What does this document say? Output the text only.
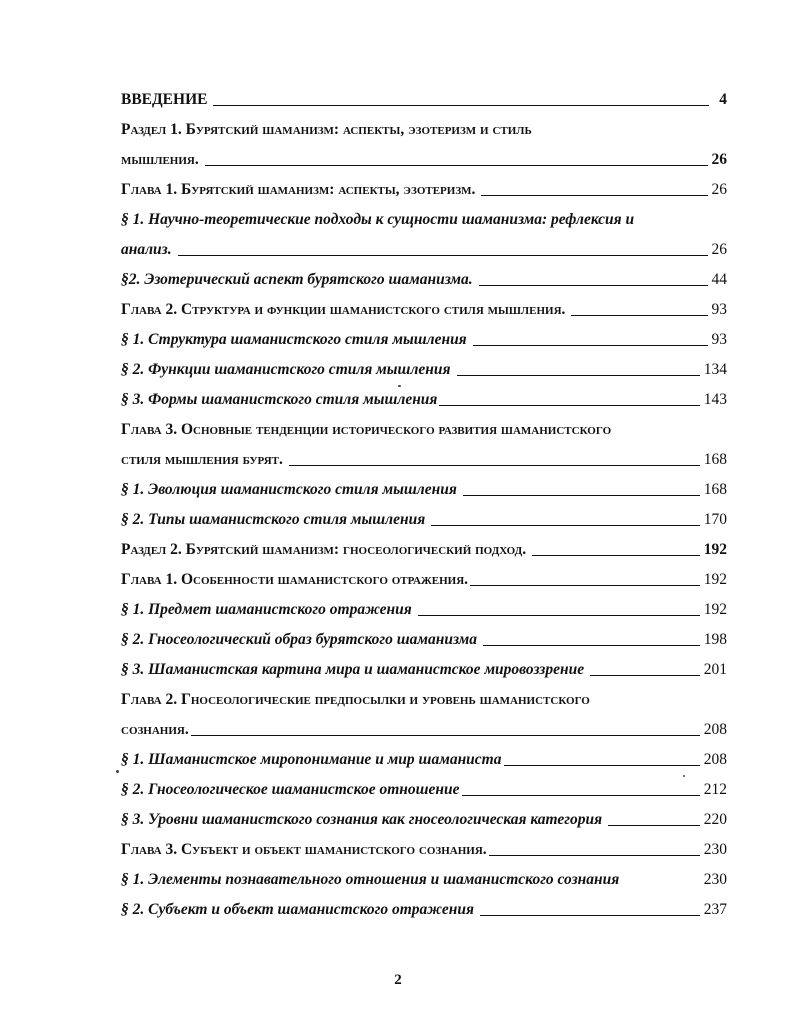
ВВЕДЕНИЕ	4
Раздел 1. Бурятский шаманизм: аспекты, эзотеризм и стиль
мышления.	26
Глава 1. Бурятский шаманизм: аспекты, эзотеризм.	26
§ 1. Научно-теоретические подходы к сущности шаманизма: рефлексия и
анализ.	26
§2. Эзотерический аспект бурятского шаманизма.	44
Глава 2. Структура и функции шаманистского стиля мышления.	93
§ 1. Структура шаманистского стиля мышления	93
§ 2. Функции шаманистского стиля мышления	134
§ 3. Формы шаманистского стиля мышления	143
Глава 3. Основные тенденции исторического развития шаманистского
стиля мышления бурят.	168
§ 1. Эволюция шаманистского стиля мышления	168
§ 2. Типы шаманистского стиля мышления	170
Раздел 2. Бурятский шаманизм: гносеологический подход.	192
Глава 1. Особенности шаманистского отражения.	192
§ 1. Предмет шаманистского отражения	192
§ 2. Гносеологический образ бурятского шаманизма	198
§ 3. Шаманистская картина мира и шаманистское мировоззрение	201
Глава 2. Гносеологические предпосылки и уровень шаманистского
сознания.	208
§ 1. Шаманистское миропонимание и мир шаманиста	208
§ 2. Гносеологическое шаманистское отношение	212
§ 3. Уровни шаманистского сознания как гносеологическая категория	220
Глава 3. Субъект и объект шаманистского сознания.	230
§ 1. Элементы познавательного отношения и шаманистского сознания	230
§ 2. Субъект и объект шаманистского отражения	237
2
